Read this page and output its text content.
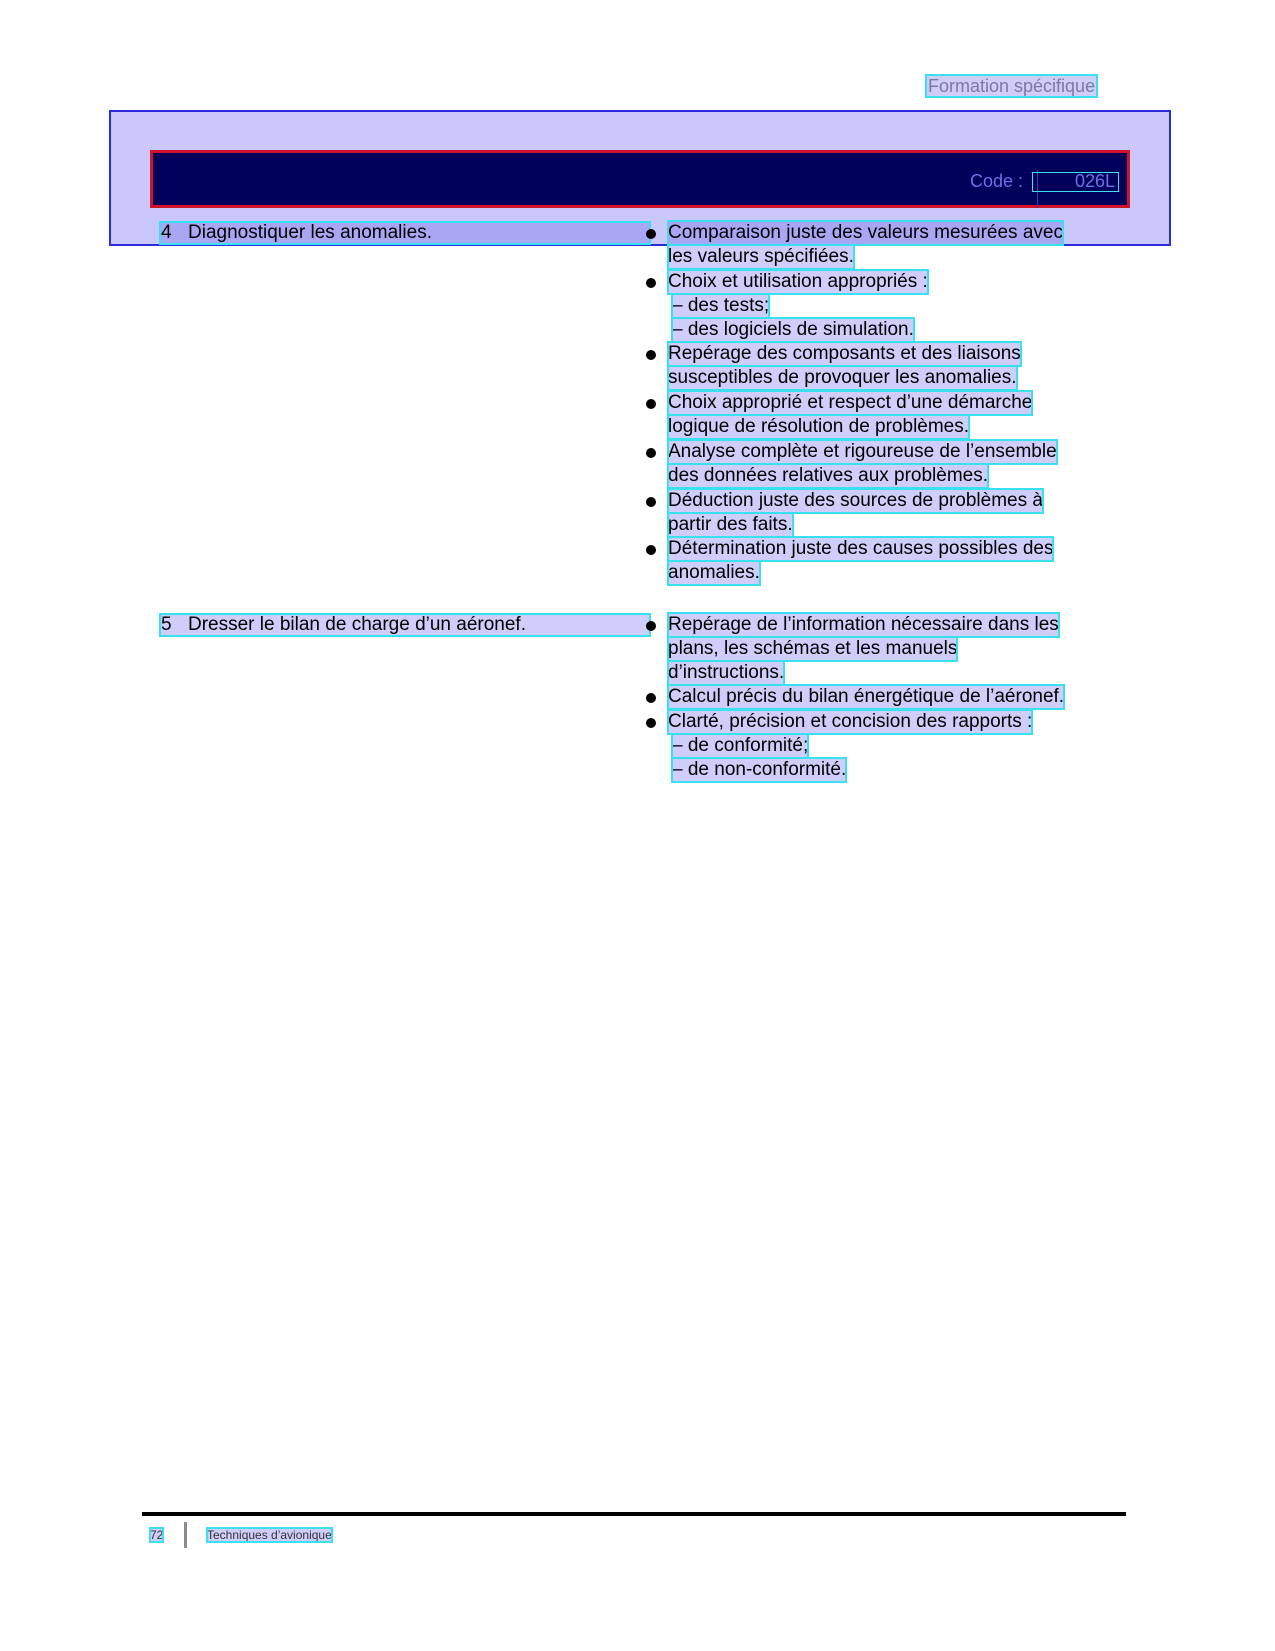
Formation spécifique
Code :	026L
4 Diagnostiquer les anomalies.	Comparaison juste des valeurs mesurées avec
les valeurs spécifiées.
Choix et utilisation appropriés :
– des tests;
– des logiciels de simulation.
Repérage des composants et des liaisons
susceptibles de provoquer les anomalies.
Choix approprié et respect d’une démarche
logique de résolution de problèmes.
Analyse complète et rigoureuse de l’ensemble
des données relatives aux problèmes.
Déduction juste des sources de problèmes à
partir des faits.
Détermination juste des causes possibles des
anomalies.
5 Dresser le bilan de charge d’un aéronef.	Repérage de l’information nécessaire dans les
plans, les schémas et les manuels
d’instructions.
Calcul précis du bilan énergétique de l’aéronef.
Clarté, précision et concision des rapports :
– de conformité;
– de non-conformité.
72	Techniques d’avionique
